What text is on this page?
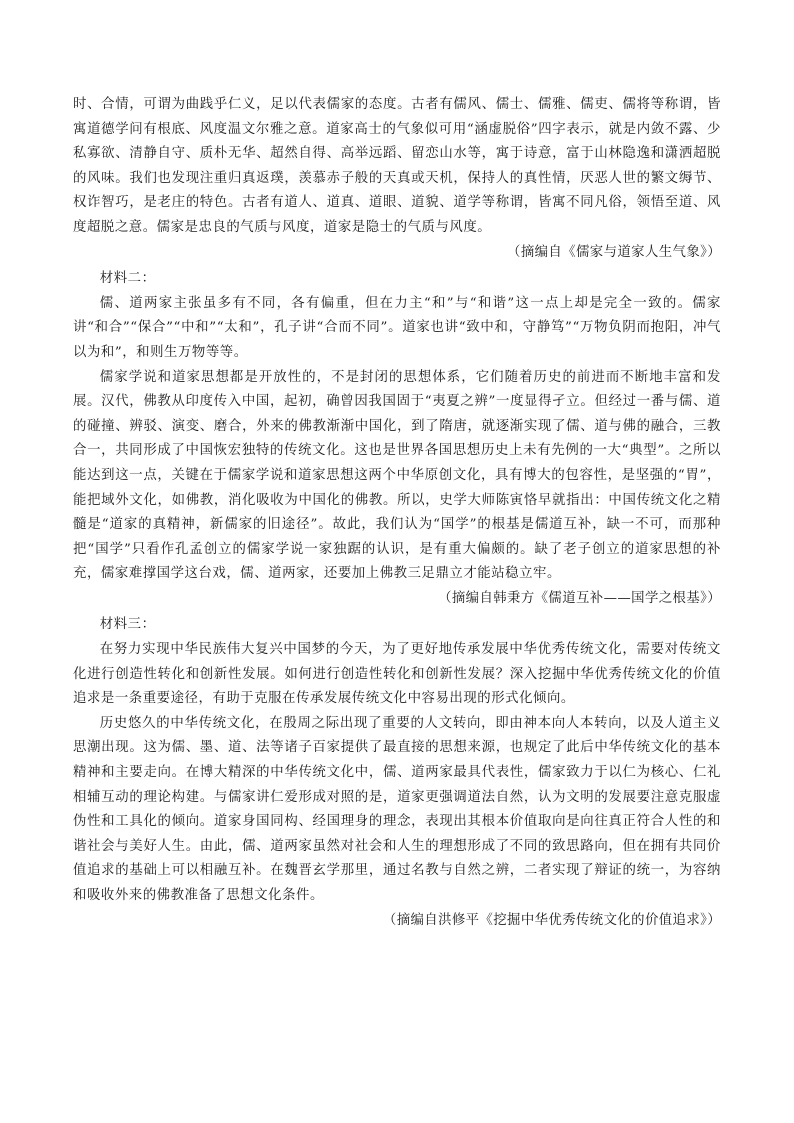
时、合情，可谓为曲践乎仁义，足以代表儒家的态度。古者有儒风、儒士、儒雅、儒吏、儒将等称谓，皆寓道德学问有根底、风度温文尔雅之意。道家高士的气象似可用“涵虚脱俗”四字表示，就是内敛不露、少私寡欲、清静自守、质朴无华、超然自得、高举远蹈、留恋山水等，寓于诗意，富于山林隐逸和潇洒超脱的风味。我们也发现注重归真返璞，羡慕赤子般的天真或天机，保持人的真性情，厌恶人世的繁文缛节、权诈智巧，是老庄的特色。古者有道人、道真、道眼、道貌、道学等称谓，皆寓不同凡俗，领悟至道、风度超脱之意。儒家是忠良的气质与风度，道家是隐士的气质与风度。

（摘编自《儒家与道家人生气象》）

材料二：

儒、道两家主张虽多有不同，各有偏重，但在力主“和”与“和谐”这一点上却是完全一致的。儒家讲“和合”“保合”“中和”“太和”，孔子讲“合而不同”。道家也讲“致中和，守静笃”“万物负阴而抱阳，冲气以为和”，和则生万物等等。

儒家学说和道家思想都是开放性的，不是封闭的思想体系，它们随着历史的前进而不断地丰富和发展。汉代，佛教从印度传入中国，起初，确曾因我国固于“夷夏之辨”一度显得孑立。但经过一番与儒、道的碰撞、辨驳、演变、磨合，外来的佛教渐渐中国化，到了隋唐，就逐渐实现了儒、道与佛的融合，三教合一，共同形成了中国恢宏独特的传统文化。这也是世界各国思想历史上未有先例的一大“典型”。之所以能达到这一点，关键在于儒家学说和道家思想这两个中华原创文化，具有博大的包容性，是坚强的“胃”，能把域外文化，如佛教，消化吸收为中国化的佛教。所以，史学大师陈寅恪早就指出：中国传统文化之精髓是“道家的真精神，新儒家的旧途径”。故此，我们认为“国学”的根基是儒道互补，缺一不可，而那种把“国学”只看作孔孟创立的儒家学说一家独踞的认识，是有重大偏颇的。缺了老子创立的道家思想的补充，儒家难撑国学这台戏，儒、道两家，还要加上佛教三足鼎立才能站稳立牢。

（摘编自韩秉方《儒道互补——国学之根基》）

材料三：

在努力实现中华民族伟大复兴中国梦的今天，为了更好地传承发展中华优秀传统文化，需要对传统文化进行创造性转化和创新性发展。如何进行创造性转化和创新性发展？深入挖掘中华优秀传统文化的价值追求是一条重要途径，有助于克服在传承发展传统文化中容易出现的形式化倾向。

历史悠久的中华传统文化，在殷周之际出现了重要的人文转向，即由神本向人本转向，以及人道主义思潮出现。这为儒、墨、道、法等诸子百家提供了最直接的思想来源，也规定了此后中华传统文化的基本精神和主要走向。在博大精深的中华传统文化中，儒、道两家最具代表性，儒家致力于以仁为核心、仁礼相辅互动的理论构建。与儒家讲仁爱形成对照的是，道家更强调道法自然，认为文明的发展要注意克服虚伪性和工具化的倾向。道家身国同构、经国理身的理念，表现出其根本价值取向是向往真正符合人性的和谐社会与美好人生。由此，儒、道两家虽然对社会和人生的理想形成了不同的致思路向，但在拥有共同价值追求的基础上可以相融互补。在魏晋玄学那里，通过名教与自然之辨，二者实现了辩证的统一，为容纳和吸收外来的佛教准备了思想文化条件。

（摘编自洪修平《挖掘中华优秀传统文化的价值追求》）
